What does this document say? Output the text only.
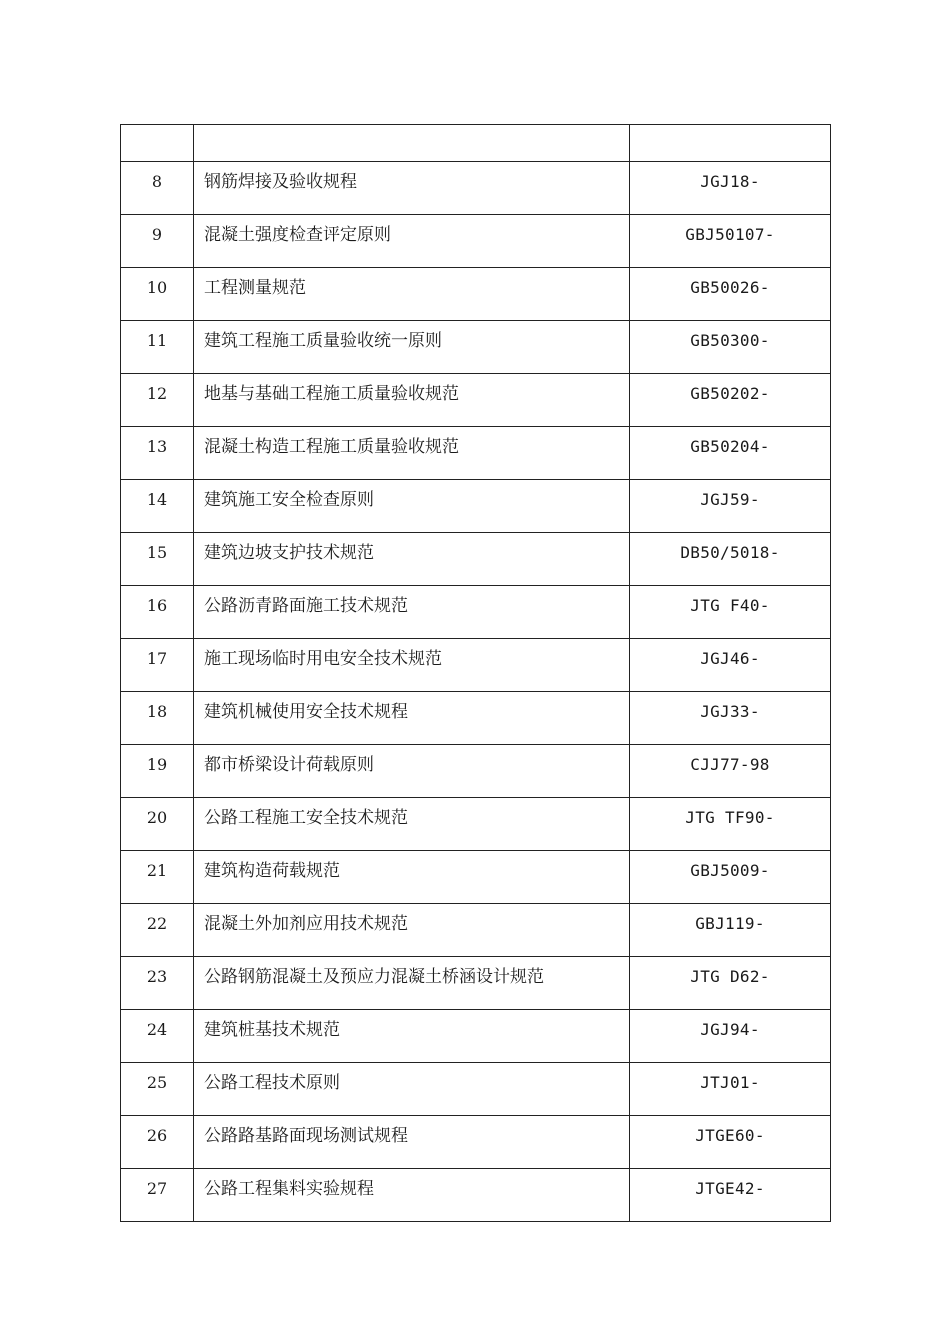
8	钢筋焊接及验收规程	JGJ18-

9	混凝土强度检查评定原则	GBJ50107-

10	工程测量规范	GB50026-

11	建筑工程施工质量验收统一原则	GB50300-

12	地基与基础工程施工质量验收规范	GB50202-

13	混凝土构造工程施工质量验收规范	GB50204-

14	建筑施工安全检查原则	JGJ59-

15	建筑边坡支护技术规范	DB50/5018-

16	公路沥青路面施工技术规范	JTG F40-

17	施工现场临时用电安全技术规范	JGJ46-

18	建筑机械使用安全技术规程	JGJ33-

19	都市桥梁设计荷载原则	CJJ77-98

20	公路工程施工安全技术规范	JTG TF90-

21	建筑构造荷载规范	GBJ5009-

22	混凝土外加剂应用技术规范	GBJ119-

23	公路钢筋混凝土及预应力混凝土桥涵设计规范	JTG D62-

24	建筑桩基技术规范	JGJ94-

25	公路工程技术原则	JTJ01-

26	公路路基路面现场测试规程	JTGE60-

27	公路工程集料实验规程	JTGE42-
